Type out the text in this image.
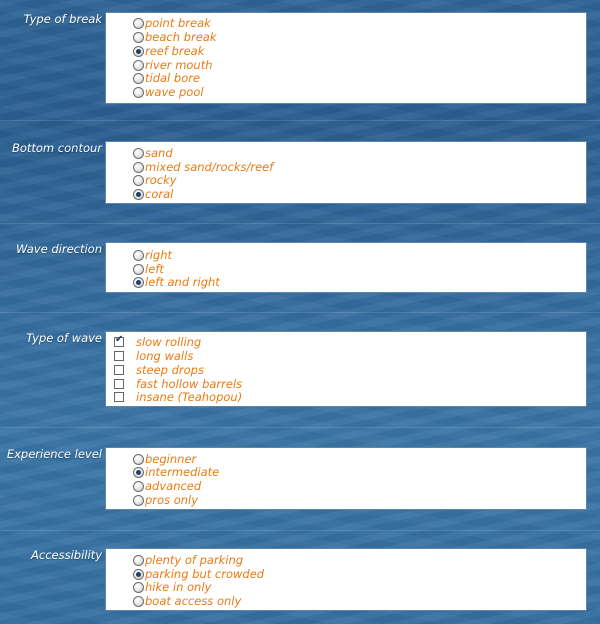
Type of break	point break
beach break
reef break
river mouth
tidal bore
wave pool
Bottom contour	sand
mixed sand/rocks/reef
rocky
coral
Wave direction	right
left
left and right
Type of wave
✔	slow rolling
long walls
steep drops
fast hollow barrels
insane (Teahopou)
Experience level	beginner
intermediate
advanced
pros only
Accessibility	plenty of parking
parking but crowded
hike in only
boat access only
